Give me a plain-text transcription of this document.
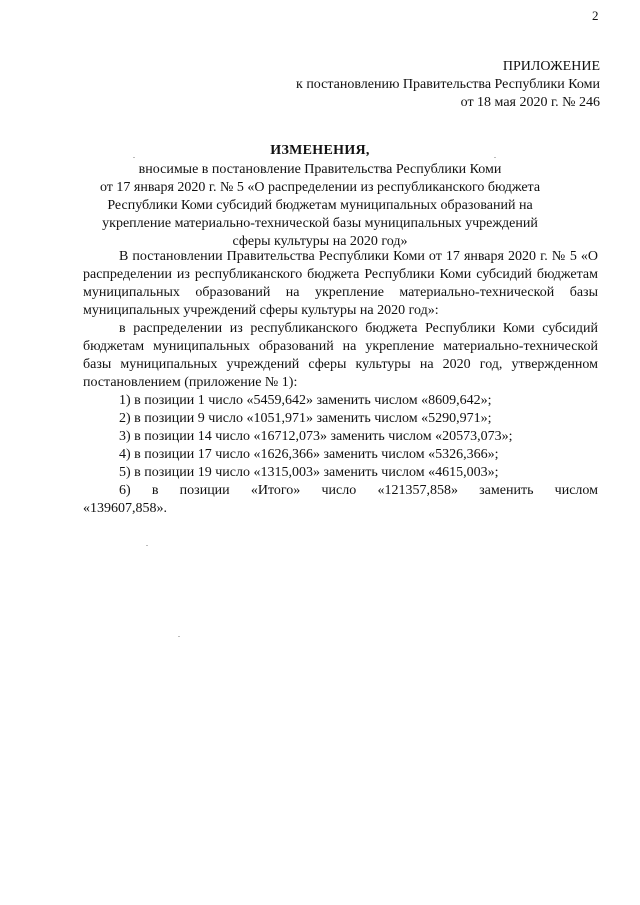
2
ПРИЛОЖЕНИЕ
к постановлению Правительства Республики Коми
от 18 мая 2020 г. № 246
ИЗМЕНЕНИЯ,
вносимые в постановление Правительства Республики Коми
от 17 января 2020 г. № 5 «О распределении из республиканского бюджета
Республики Коми субсидий бюджетам муниципальных образований на
укрепление материально-технической базы муниципальных учреждений
сферы культуры на 2020 год»

В постановлении Правительства Республики Коми от 17 января 2020 г. № 5 «О распределении из республиканского бюджета Республики Коми субсидий бюджетам муниципальных образований на укрепление материально-технической базы муниципальных учреждений сферы культуры на 2020 год»:

в распределении из республиканского бюджета Республики Коми субсидий бюджетам муниципальных образований на укрепление материально-технической базы муниципальных учреждений сферы культуры на 2020 год, утвержденном постановлением (приложение № 1):

1) в позиции 1 число «5459,642» заменить числом «8609,642»;
2) в позиции 9 число «1051,971» заменить числом «5290,971»;
3) в позиции 14 число «16712,073» заменить числом «20573,073»;
4) в позиции 17 число «1626,366» заменить числом «5326,366»;
5) в позиции 19 число «1315,003» заменить числом «4615,003»;
6) в позиции «Итого» число «121357,858» заменить числом

«139607,858».
